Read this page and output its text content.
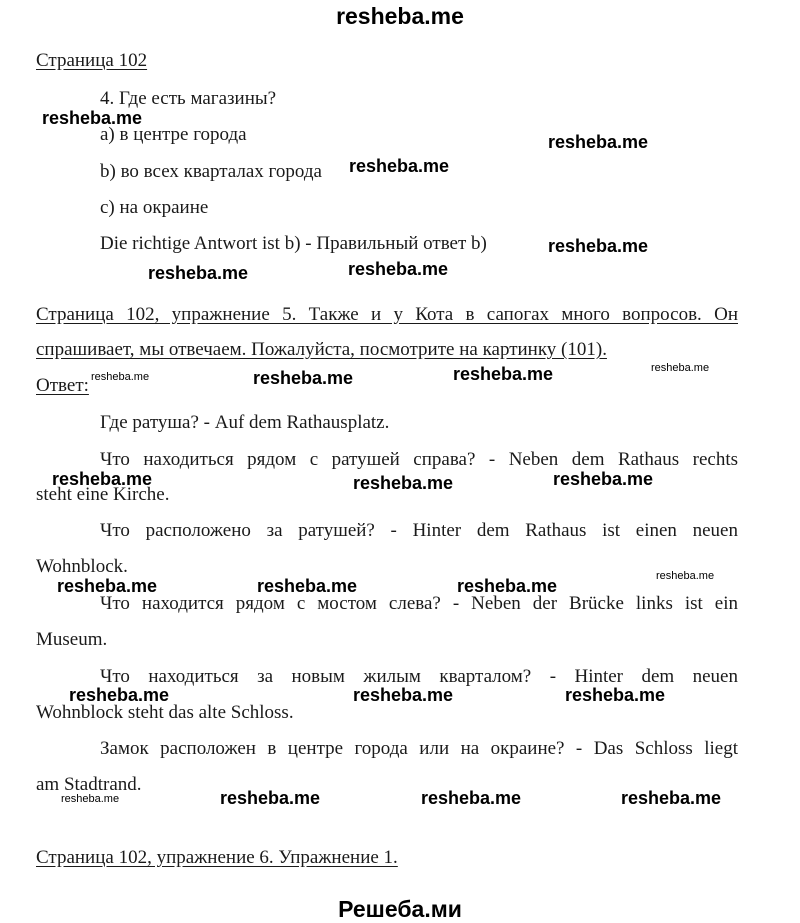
resheba.me
Решеба.ми
Страница 102
4. Где есть магазины?
a) в центре города
b) во всех кварталах города
c) на окраине
Die richtige Antwort ist b) - Правильный ответ b)
Страница 102, упражнение 5. Также и у Кота в сапогах много вопросов. Он
спрашивает, мы отвечаем. Пожалуйста, посмотрите на картинку (101).
Ответ:
Где ратуша? - Auf dem Rathausplatz.
Что находиться рядом с ратушей справа? - Neben dem Rathaus rechts
steht eine Kirche.
Что расположено за ратушей? - Hinter dem Rathaus ist einen neuen
Wohnblock.
Что находится рядом с мостом слева? - Neben der Brücke links ist ein
Museum.
Что находиться за новым жилым кварталом? - Hinter dem neuen
Wohnblock steht das alte Schloss.
Замок расположен в центре города или на окраине? - Das Schloss liegt
am Stadtrand.
Страница 102, упражнение 6. Упражнение 1.
resheba.me
resheba.me
resheba.me
resheba.me
resheba.me	resheba.me
resheba.me	resheba.me
resheba.me	resheba.me	resheba.me
resheba.me	resheba.me	resheba.me
resheba.me	resheba.me	resheba.me
resheba.me	resheba.me	resheba.me
resheba.me
resheba.me
resheba.me
resheba.me
